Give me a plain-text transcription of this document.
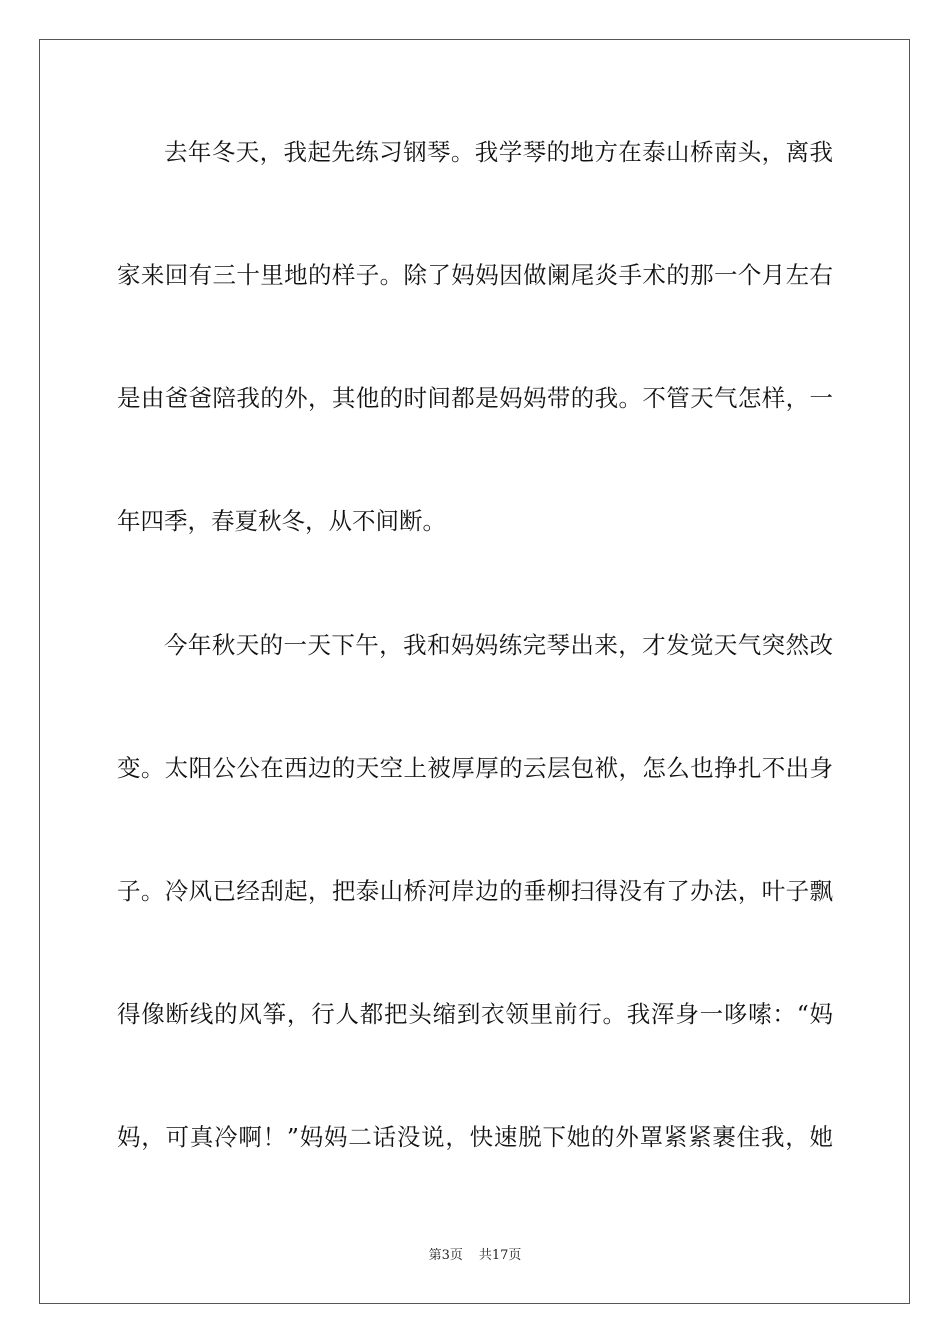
去年冬天，我起先练习钢琴。我学琴的地方在泰山桥南头，离我
家来回有三十里地的样子。除了妈妈因做阑尾炎手术的那一个月左右
是由爸爸陪我的外，其他的时间都是妈妈带的我。不管天气怎样，一
年四季，春夏秋冬，从不间断。
今年秋天的一天下午，我和妈妈练完琴出来，才发觉天气突然改
变。太阳公公在西边的天空上被厚厚的云层包袱，怎么也挣扎不出身
子。冷风已经刮起，把泰山桥河岸边的垂柳扫得没有了办法，叶子飘
得像断线的风筝，行人都把头缩到衣领里前行。我浑身一哆嗦：“妈
妈，可真冷啊！”妈妈二话没说，快速脱下她的外罩紧紧裹住我，她
第3页 共17页
